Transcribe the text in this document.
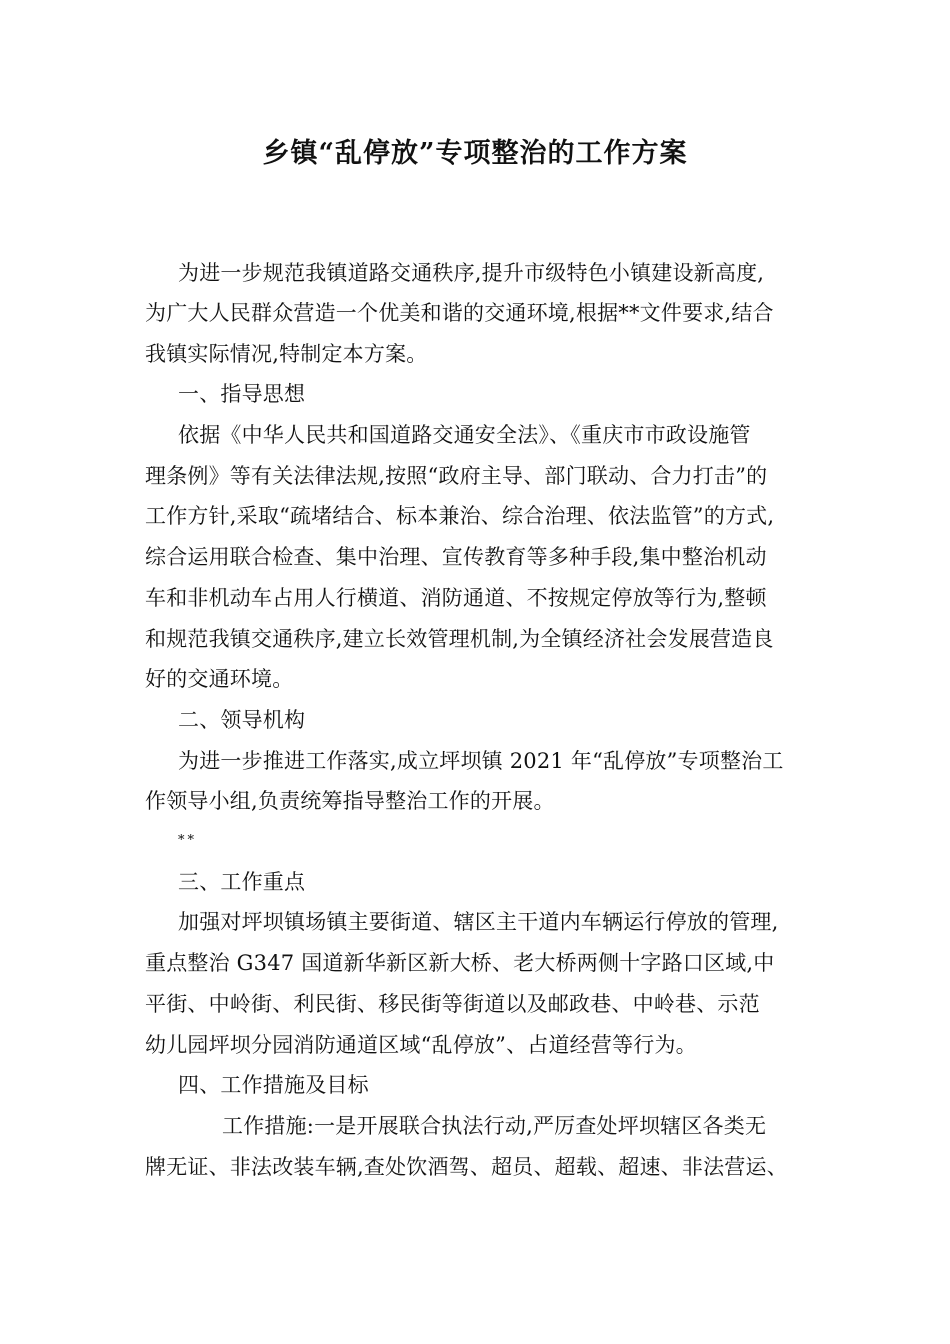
乡镇“乱停放”专项整治的工作方案
为进一步规范我镇道路交通秩序,提升市级特色小镇建设新高度,
为广大人民群众营造一个优美和谐的交通环境,根据**文件要求,结合
我镇实际情况,特制定本方案。
一、指导思想
依据《中华人民共和国道路交通安全法》、《重庆市市政设施管
理条例》等有关法律法规,按照“政府主导、部门联动、合力打击”的
工作方针,采取“疏堵结合、标本兼治、综合治理、依法监管”的方式,
综合运用联合检查、集中治理、宣传教育等多种手段,集中整治机动
车和非机动车占用人行横道、消防通道、不按规定停放等行为,整顿
和规范我镇交通秩序,建立长效管理机制,为全镇经济社会发展营造良
好的交通环境。
二、领导机构
为进一步推进工作落实,成立坪坝镇 2021 年“乱停放”专项整治工
作领导小组,负责统筹指导整治工作的开展。
**
三、工作重点
加强对坪坝镇场镇主要街道、辖区主干道内车辆运行停放的管理,
重点整治 G347 国道新华新区新大桥、老大桥两侧十字路口区域,中
平街、中岭街、利民街、移民街等街道以及邮政巷、中岭巷、示范
幼儿园坪坝分园消防通道区域“乱停放”、占道经营等行为。
四、工作措施及目标
工作措施:一是开展联合执法行动,严厉查处坪坝辖区各类无
牌无证、非法改装车辆,查处饮酒驾、超员、超载、超速、非法营运、
